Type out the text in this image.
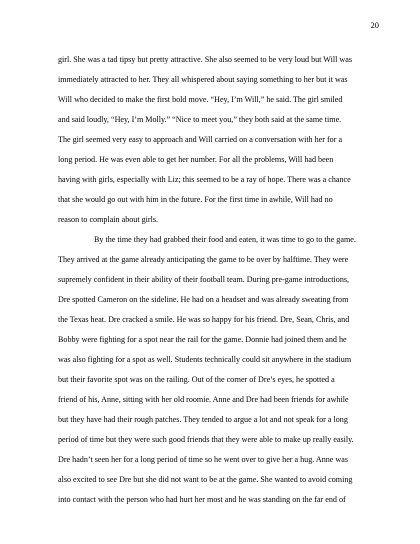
20
girl. She was a tad tipsy but pretty attractive. She also seemed to be very loud but Will was
immediately attracted to her. They all whispered about saying something to her but it was
Will who decided to make the first bold move. “Hey, I’m Will,” he said. The girl smiled
and said loudly, “Hey, I’m Molly.” “Nice to meet you,” they both said at the same time.
The girl seemed very easy to approach and Will carried on a conversation with her for a
long period. He was even able to get her number. For all the problems, Will had been
having with girls, especially with Liz; this seemed to be a ray of hope. There was a chance
that she would go out with him in the future. For the first time in awhile, Will had no
reason to complain about girls.
By the time they had grabbed their food and eaten, it was time to go to the game.
They arrived at the game already anticipating the game to be over by halftime. They were
supremely confident in their ability of their football team. During pre-game introductions,
Dre spotted Cameron on the sideline. He had on a headset and was already sweating from
the Texas heat. Dre cracked a smile. He was so happy for his friend. Dre, Sean, Chris, and
Bobby were fighting for a spot near the rail for the game. Donnie had joined them and he
was also fighting for a spot as well. Students technically could sit anywhere in the stadium
but their favorite spot was on the railing. Out of the corner of Dre’s eyes, he spotted a
friend of his, Anne, sitting with her old roomie. Anne and Dre had been friends for awhile
but they have had their rough patches. They tended to argue a lot and not speak for a long
period of time but they were such good friends that they were able to make up really easily.
Dre hadn’t seen her for a long period of time so he went over to give her a hug. Anne was
also excited to see Dre but she did not want to be at the game. She wanted to avoid coming
into contact with the person who had hurt her most and he was standing on the far end of
